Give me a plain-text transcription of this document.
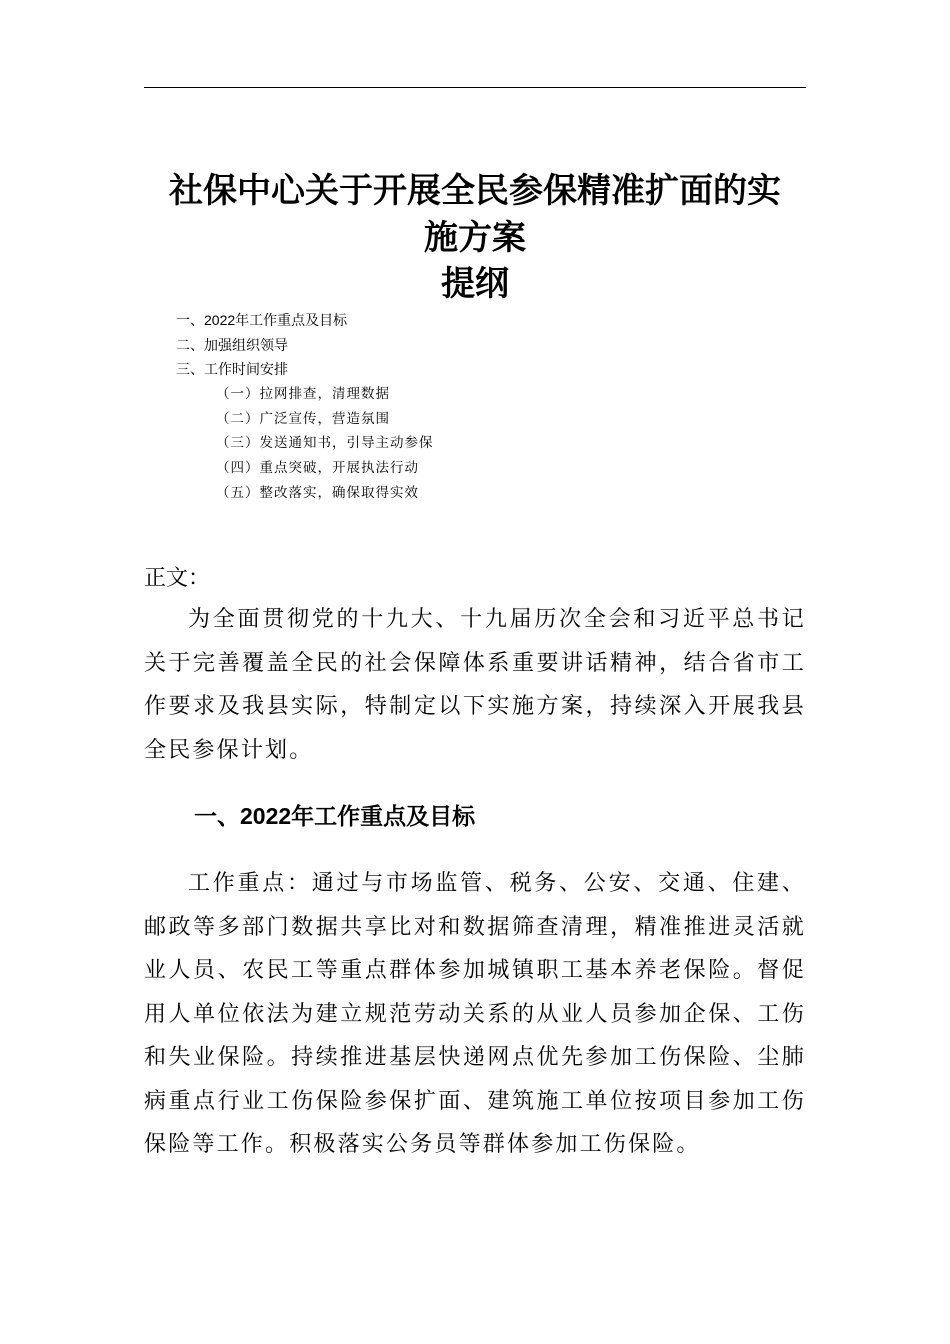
社保中心关于开展全民参保精准扩面的实
施方案
提纲
一、2022年工作重点及目标
二、加强组织领导
三、工作时间安排
（一）拉网排查，清理数据
（二）广泛宣传，营造氛围
（三）发送通知书，引导主动参保
（四）重点突破，开展执法行动
（五）整改落实，确保取得实效
正文：

为全面贯彻党的十九大、十九届历次全会和习近平总书记关于完善覆盖全民的社会保障体系重要讲话精神，结合省市工作要求及我县实际，特制定以下实施方案，持续深入开展我县全民参保计划。

一、2022年工作重点及目标

工作重点：通过与市场监管、税务、公安、交通、住建、邮政等多部门数据共享比对和数据筛查清理，精准推进灵活就业人员、农民工等重点群体参加城镇职工基本养老保险。督促用人单位依法为建立规范劳动关系的从业人员参加企保、工伤和失业保险。持续推进基层快递网点优先参加工伤保险、尘肺病重点行业工伤保险参保扩面、建筑施工单位按项目参加工伤保险等工作。积极落实公务员等群体参加工伤保险。
